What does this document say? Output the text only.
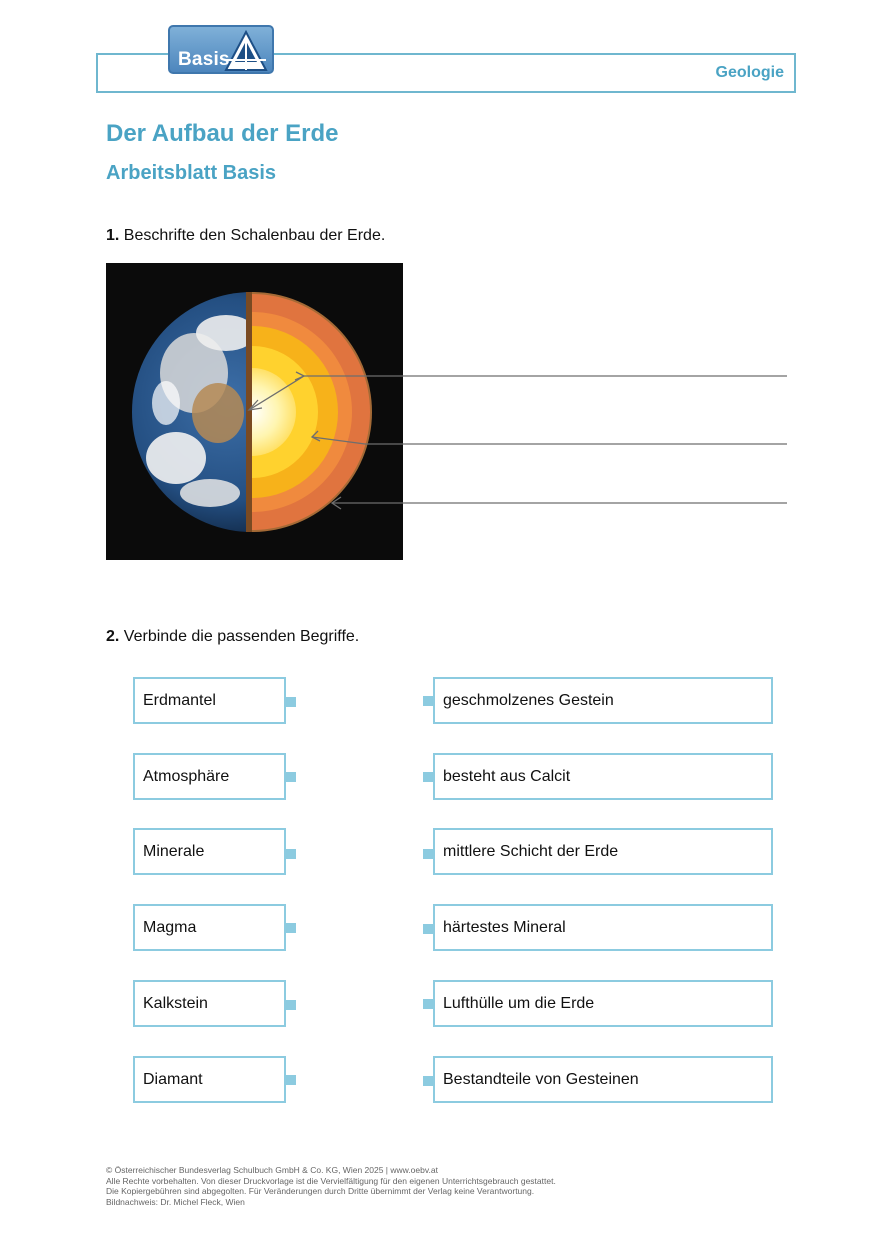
Geologie
Basis
Der Aufbau der Erde
Arbeitsblatt Basis
1. Beschrifte den Schalenbau der Erde.
2. Verbinde die passenden Begriffe.
Erdmantel
Atmosphäre
Minerale
Magma
Kalkstein
Diamant
geschmolzenes Gestein
besteht aus Calcit
mittlere Schicht der Erde
härtestes Mineral
Lufthülle um die Erde
Bestandteile von Gesteinen
© Österreichischer Bundesverlag Schulbuch GmbH & Co. KG, Wien 2025 | www.oebv.at
Alle Rechte vorbehalten. Von dieser Druckvorlage ist die Vervielfältigung für den eigenen Unterrichtsgebrauch gestattet.
Die Kopiergebühren sind abgegolten. Für Veränderungen durch Dritte übernimmt der Verlag keine Verantwortung.
Bildnachweis: Dr. Michel Fleck, Wien
